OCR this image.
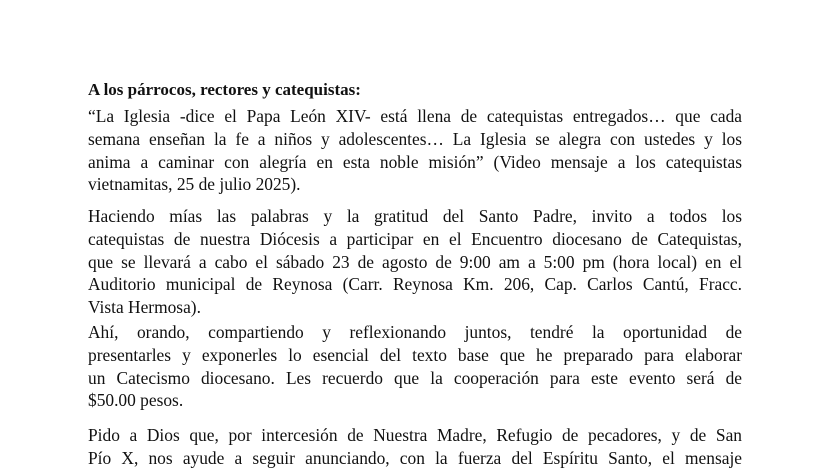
A los párrocos, rectores y catequistas:

“La Iglesia -dice el Papa León XIV- está llena de catequistas entregados… que cada
semana enseñan la fe a niños y adolescentes… La Iglesia se alegra con ustedes y los
anima a caminar con alegría en esta noble misión” (Video mensaje a los catequistas
vietnamitas, 25 de julio 2025).
Haciendo mías las palabras y la gratitud del Santo Padre, invito a todos los
catequistas de nuestra Diócesis a participar en el Encuentro diocesano de Catequistas,
que se llevará a cabo el sábado 23 de agosto de 9:00 am a 5:00 pm (hora local) en el
Auditorio municipal de Reynosa (Carr. Reynosa Km. 206, Cap. Carlos Cantú, Fracc.
Vista Hermosa).
Ahí, orando, compartiendo y reflexionando juntos, tendré la oportunidad de
presentarles y exponerles lo esencial del texto base que he preparado para elaborar
un Catecismo diocesano. Les recuerdo que la cooperación para este evento será de
$50.00 pesos.
Pido a Dios que, por intercesión de Nuestra Madre, Refugio de pecadores, y de San
Pío X, nos ayude a seguir anunciando, con la fuerza del Espíritu Santo, el mensaje
